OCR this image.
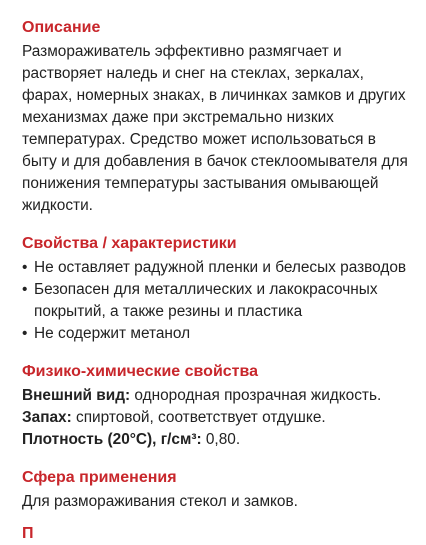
Описание

Размораживатель эффективно размягчает и растворяет наледь и снег на стеклах, зеркалах, фарах, номерных знаках, в личинках замков и других механизмах даже при экстремально низких температурах. Средство может использоваться в быту и для добавления в бачок стеклоомывателя для понижения температуры застывания омывающей жидкости.

Свойства / характеристики
• Не оставляет радужной пленки и белесых разводов
• Безопасен для металлических и лакокрасочных покрытий, а также резины и пластика
• Не содержит метанол
Физико-химические свойства

Внешний вид: однородная прозрачная жидкость.

Запах: спиртовой, соответствует отдушке.

Плотность (20°C), г/см³: 0,80.

Сфера применения

Для размораживания стекол и замков.

П
